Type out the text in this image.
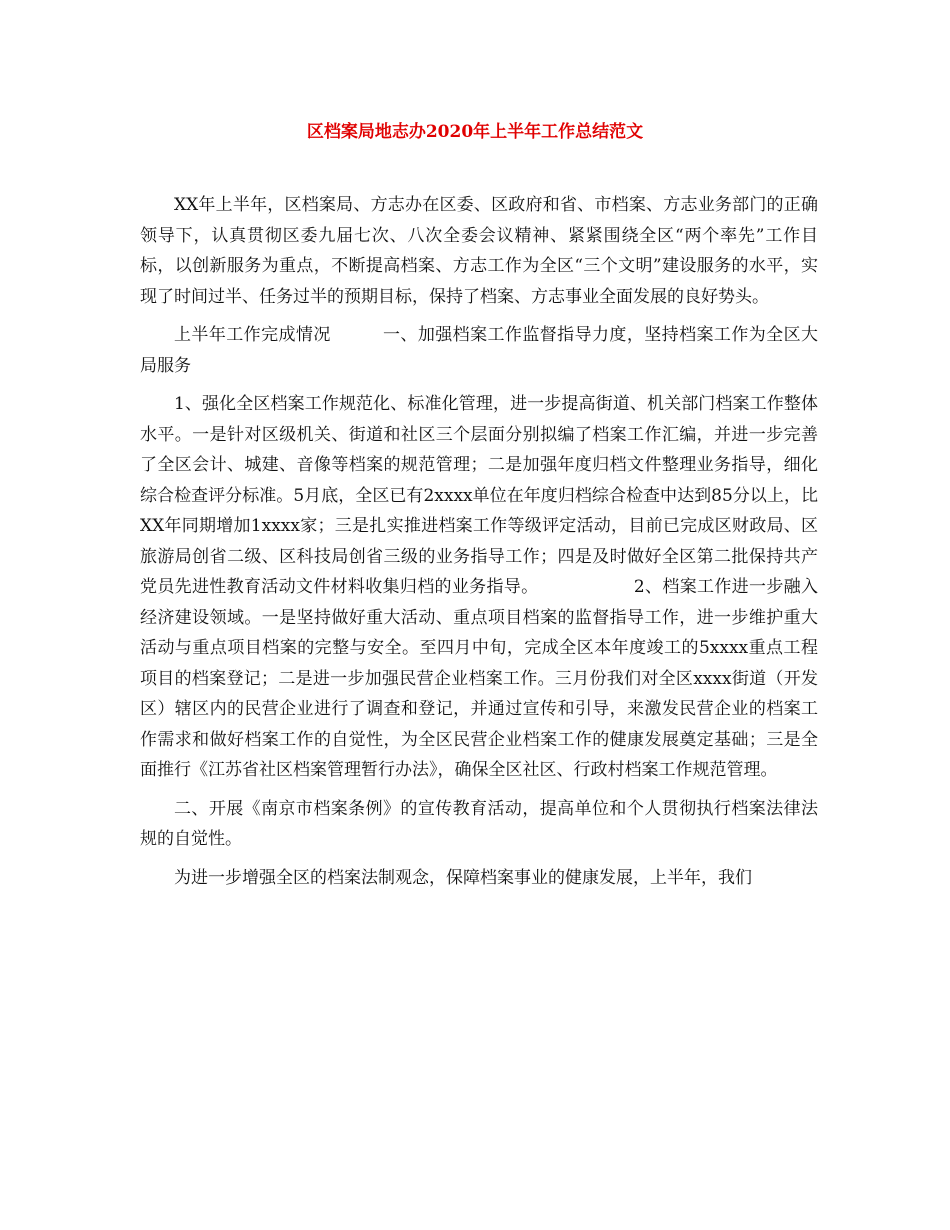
区档案局地志办2020年上半年工作总结范文

XX年上半年，区档案局、方志办在区委、区政府和省、市档案、方志业务部门的正确领导下，认真贯彻区委九届七次、八次全委会议精神、紧紧围绕全区“两个率先”工作目标，以创新服务为重点，不断提高档案、方志工作为全区“三个文明”建设服务的水平，实现了时间过半、任务过半的预期目标，保持了档案、方志事业全面发展的良好势头。

上半年工作完成情况　　　一、加强档案工作监督指导力度，坚持档案工作为全区大局服务

1、强化全区档案工作规范化、标准化管理，进一步提高街道、机关部门档案工作整体水平。一是针对区级机关、街道和社区三个层面分别拟编了档案工作汇编，并进一步完善了全区会计、城建、音像等档案的规范管理；二是加强年度归档文件整理业务指导，细化综合检查评分标准。5月底，全区已有2xxxx单位在年度归档综合检查中达到85分以上，比XX年同期增加1xxxx家；三是扎实推进档案工作等级评定活动，目前已完成区财政局、区旅游局创省二级、区科技局创省三级的业务指导工作；四是及时做好全区第二批保持共产党员先进性教育活动文件材料收集归档的业务指导。　　　　　　2、档案工作进一步融入经济建设领域。一是坚持做好重大活动、重点项目档案的监督指导工作，进一步维护重大活动与重点项目档案的完整与安全。至四月中旬，完成全区本年度竣工的5xxxx重点工程项目的档案登记；二是进一步加强民营企业档案工作。三月份我们对全区xxxx街道（开发区）辖区内的民营企业进行了调查和登记，并通过宣传和引导，来激发民营企业的档案工作需求和做好档案工作的自觉性，为全区民营企业档案工作的健康发展奠定基础；三是全面推行《江苏省社区档案管理暂行办法》，确保全区社区、行政村档案工作规范管理。

二、开展《南京市档案条例》的宣传教育活动，提高单位和个人贯彻执行档案法律法规的自觉性。

为进一步增强全区的档案法制观念，保障档案事业的健康发展，上半年，我们
